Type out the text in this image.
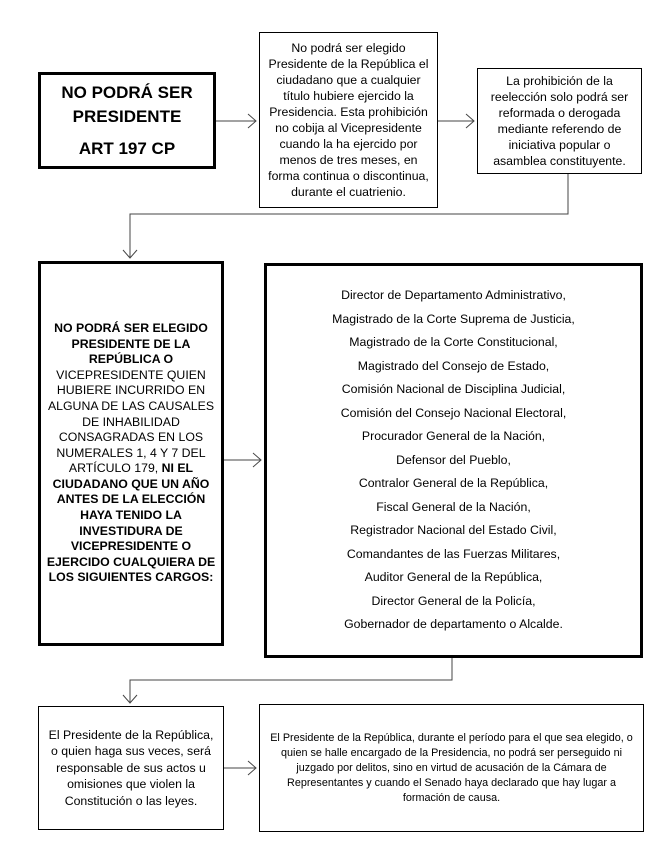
NO PODRÁ SER
PRESIDENTE
ART 197 CP
No podrá ser elegido Presidente de la República el ciudadano que a cualquier título hubiere ejercido la Presidencia. Esta prohibición no cobija al Vicepresidente cuando la ha ejercido por menos de tres meses, en forma continua o discontinua, durante el cuatrienio.
La prohibición de la reelección solo podrá ser reformada o derogada mediante referendo de iniciativa popular o asamblea constituyente.
NO PODRÁ SER ELEGIDO PRESIDENTE DE LA REPÚBLICA O VICEPRESIDENTE QUIEN HUBIERE INCURRIDO EN ALGUNA DE LAS CAUSALES DE INHABILIDAD CONSAGRADAS EN LOS NUMERALES 1, 4 Y 7 DEL ARTÍCULO 179, NI EL CIUDADANO QUE UN AÑO ANTES DE LA ELECCIÓN HAYA TENIDO LA INVESTIDURA DE VICEPRESIDENTE O EJERCIDO CUALQUIERA DE LOS SIGUIENTES CARGOS:
Director de Departamento Administrativo,
Magistrado de la Corte Suprema de Justicia,
Magistrado de la Corte Constitucional,
Magistrado del Consejo de Estado,
Comisión Nacional de Disciplina Judicial,
Comisión del Consejo Nacional Electoral,
Procurador General de la Nación,
Defensor del Pueblo,
Contralor General de la República,
Fiscal General de la Nación,
Registrador Nacional del Estado Civil,
Comandantes de las Fuerzas Militares,
Auditor General de la República,
Director General de la Policía,
Gobernador de departamento o Alcalde.
El Presidente de la República, o quien haga sus veces, será responsable de sus actos u omisiones que violen la Constitución o las leyes.
El Presidente de la República, durante el período para el que sea elegido, o quien se halle encargado de la Presidencia, no podrá ser perseguido ni juzgado por delitos, sino en virtud de acusación de la Cámara de Representantes y cuando el Senado haya declarado que hay lugar a formación de causa.
